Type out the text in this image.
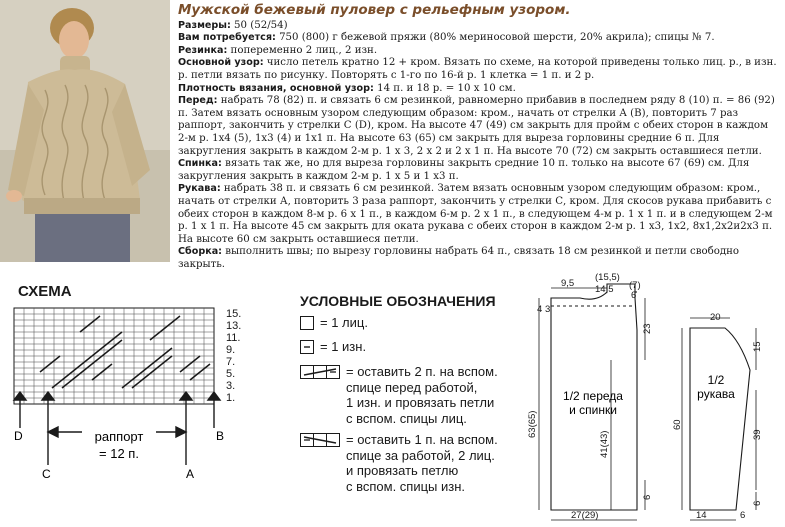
Мужской бежевый пуловер с рельефным узором.

Размеры: 50 (52/54)

Вам потребуется: 750 (800) г бежевой пряжи (80% мериносовой шерсти, 20% акрила); спицы № 7.

Резинка: попеременно 2 лиц., 2 изн.

Основной узор: число петель кратно 12 + кром. Вязать по схеме, на которой приведены только лиц. р., в изн. р. петли вязать по рисунку. Повторять с 1-го по 16-й р. 1 клетка = 1 п. и 2 р.

Плотность вязания, основной узор: 14 п. и 18 р. = 10 х 10 см.

Перед: набрать 78 (82) п. и связать 6 см резинкой, равномерно прибавив в последнем ряду 8 (10) п. = 86 (92) п. Затем вязать основным узором следующим образом: кром., начать от стрелки А (В), повторить 7 раз раппорт, закончить у стрелки С (D), кром. На высоте 47 (49) см закрыть для пройм с обеих сторон в каждом 2-м р. 1х4 (5), 1х3 (4) и 1х1 п. На высоте 63 (65) см закрыть для выреза горловины средние 6 п. Для закругления закрыть в каждом 2-м р. 1 х 3, 2 х 2 и 2 х 1 п. На высоте 70 (72) см закрыть оставшиеся петли.

Спинка: вязать так же, но для выреза горловины закрыть средние 10 п. только на высоте 67 (69) см. Для закругления закрыть в каждом 2-м р. 1 х 5 и 1 х3 п.

Рукава: набрать 38 п. и связать 6 см резинкой. Затем вязать основным узором следующим образом: кром., начать от стрелки А, повторить 3 раза раппорт, закончить у стрелки С, кром. Для скосов рукава прибавить с обеих сторон в каждом 8-м р. 6 х 1 п., в каждом 6-м р. 2 х 1 п., в следующем 4-м р. 1 х 1 п. и в следующем 2-м р. 1 х 1 п. На высоте 45 см закрыть для оката рукава с обеих сторон в каждом 2-м р. 1 х3, 1х2, 8х1,2х2и2х3 п. На высоте 60 см закрыть оставшиеся петли.

Сборка: выполнить швы; по вырезу горловины набрать 64 п., связать 18 см резинкой и петли свободно закрыть.

СХЕМА
15.
13.
11.
9.
7.
5.
3.
1.
раппорт
= 12 п.
D	B
C	A
УСЛОВНЫЕ ОБОЗНАЧЕНИЯ
= 1 лиц.
= 1 изн.
= оставить 2 п. на вспом.
спице перед работой,
1 изн. и провязать петли
с вспом. спицы лиц.
= оставить 1 п. на вспом.
спице за работой, 2 лиц.
и провязать петлю
с вспом. спицы изн.
9,5
(15,5)
14,5 (7)
6
4 3
23
63(65)
41(43)
6
27(29)
1/2 переда
и спинки
20
15
60
39
6
14	6
1/2
рукава
